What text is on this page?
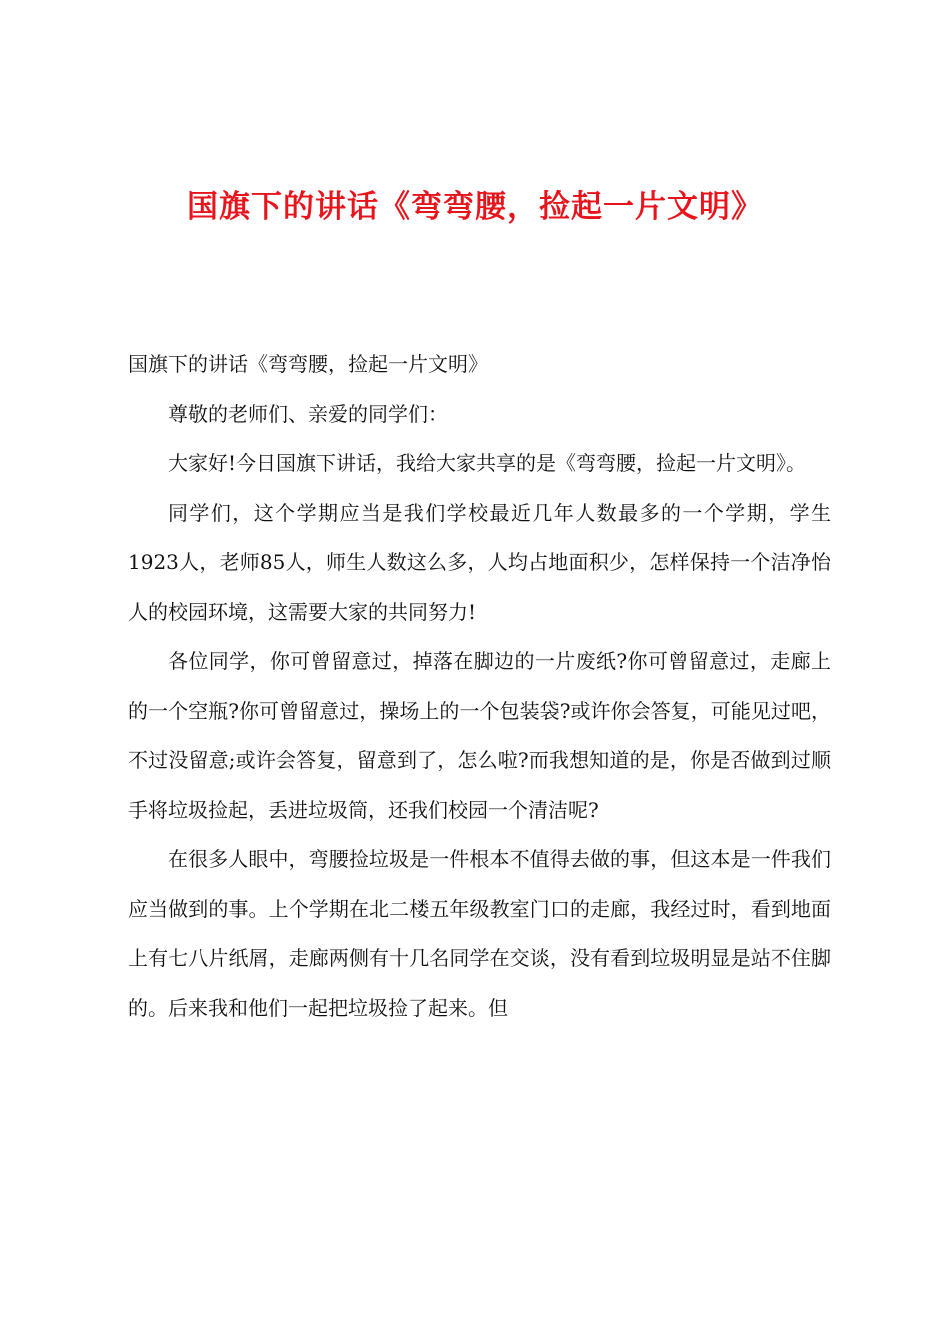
国旗下的讲话《弯弯腰，捡起一片文明》

国旗下的讲话《弯弯腰，捡起一片文明》

尊敬的老师们、亲爱的同学们：

大家好!今日国旗下讲话，我给大家共享的是《弯弯腰，捡起一片文明》。

同学们，这个学期应当是我们学校最近几年人数最多的一个学期，学生1923人，老师85人，师生人数这么多，人均占地面积少，怎样保持一个洁净怡人的校园环境，这需要大家的共同努力!

各位同学，你可曾留意过，掉落在脚边的一片废纸?你可曾留意过，走廊上的一个空瓶?你可曾留意过，操场上的一个包装袋?或许你会答复，可能见过吧，不过没留意;或许会答复，留意到了，怎么啦?而我想知道的是，你是否做到过顺手将垃圾捡起，丢进垃圾筒，还我们校园一个清洁呢?

在很多人眼中，弯腰捡垃圾是一件根本不值得去做的事，但这本是一件我们应当做到的事。上个学期在北二楼五年级教室门口的走廊，我经过时，看到地面上有七八片纸屑，走廊两侧有十几名同学在交谈，没有看到垃圾明显是站不住脚的。后来我和他们一起把垃圾捡了起来。但
